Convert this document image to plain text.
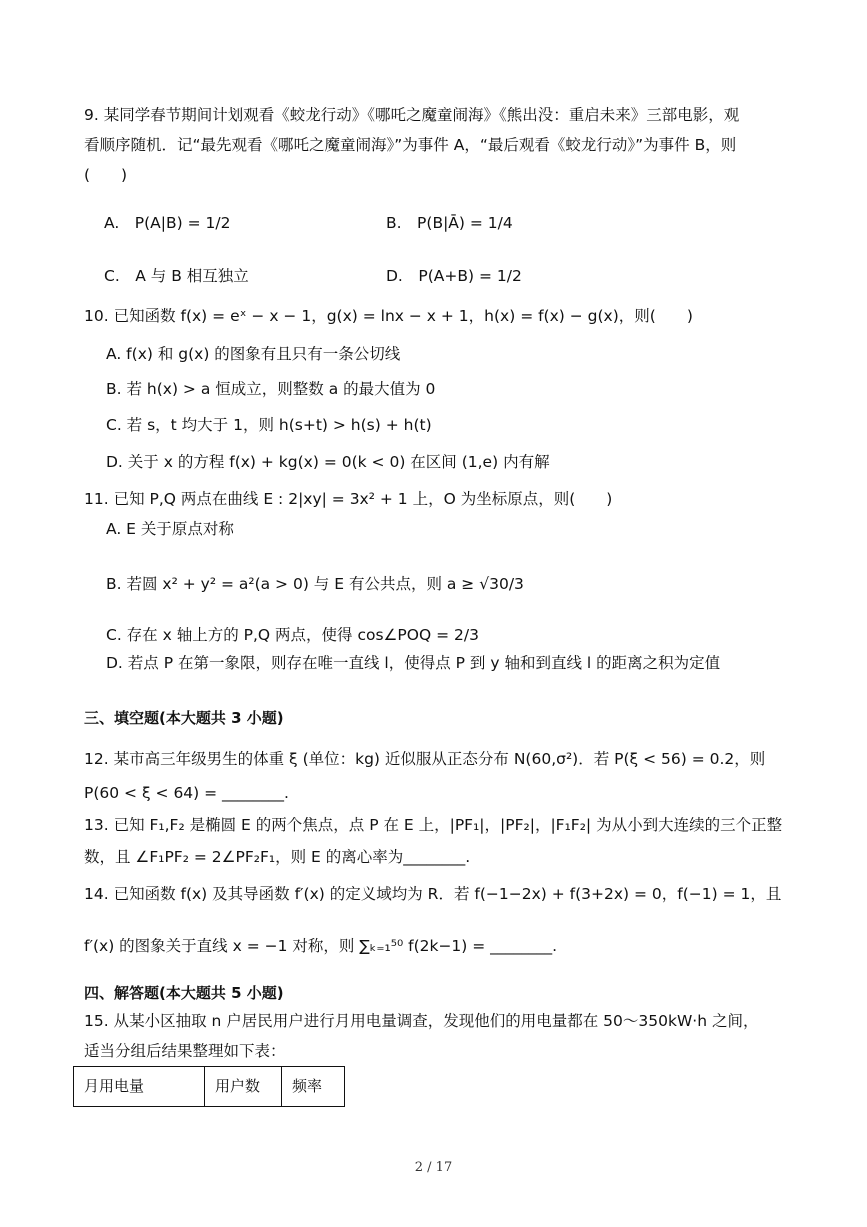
9. 某同学春节期间计划观看《蛟龙行动》《哪吒之魔童闹海》《熊出没：重启未来》三部电影，观
看顺序随机．记“最先观看《哪吒之魔童闹海》”为事件 A，“最后观看《蛟龙行动》”为事件 B，则
(　　)
A.　P(A|B) = 1/2	B.　P(B|Ā) = 1/4
C.　A 与 B 相互独立	D.　P(A+B) = 1/2
10. 已知函数 f(x) = eˣ − x − 1，g(x) = lnx − x + 1，h(x) = f(x) − g(x)，则(　　)
A. f(x) 和 g(x) 的图象有且只有一条公切线
B. 若 h(x) > a 恒成立，则整数 a 的最大值为 0
C. 若 s，t 均大于 1，则 h(s+t) > h(s) + h(t)
D. 关于 x 的方程 f(x) + kg(x) = 0(k < 0) 在区间 (1,e) 内有解
11. 已知 P,Q 两点在曲线 E : 2|xy| = 3x² + 1 上，O 为坐标原点，则(　　)
A. E 关于原点对称
B. 若圆 x² + y² = a²(a > 0) 与 E 有公共点，则 a ≥ √30/3
C. 存在 x 轴上方的 P,Q 两点，使得 cos∠POQ = 2/3
D. 若点 P 在第一象限，则存在唯一直线 l，使得点 P 到 y 轴和到直线 l 的距离之积为定值
三、填空题(本大题共 3 小题)
12. 某市高三年级男生的体重 ξ (单位：kg) 近似服从正态分布 N(60,σ²)．若 P(ξ < 56) = 0.2，则
P(60 < ξ < 64) = ________.
13. 已知 F₁,F₂ 是椭圆 E 的两个焦点，点 P 在 E 上，|PF₁|，|PF₂|，|F₁F₂| 为从小到大连续的三个正整
数，且 ∠F₁PF₂ = 2∠PF₂F₁，则 E 的离心率为________.
14. 已知函数 f(x) 及其导函数 f′(x) 的定义域均为 R．若 f(−1−2x) + f(3+2x) = 0，f(−1) = 1，且
f′(x) 的图象关于直线 x = −1 对称，则 ∑ₖ₌₁⁵⁰ f(2k−1) = ________.
四、解答题(本大题共 5 小题)
15. 从某小区抽取 n 户居民用户进行月用电量调查，发现他们的用电量都在 50～350kW·h 之间，
适当分组后结果整理如下表：
月用电量	用户数	频率
2 / 17
